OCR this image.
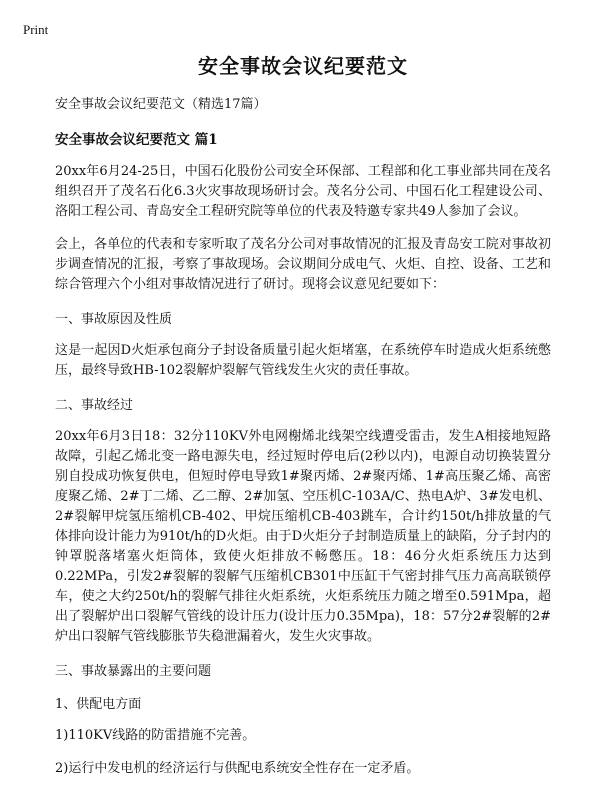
Print
安全事故会议纪要范文
安全事故会议纪要范文（精选17篇）
安全事故会议纪要范文 篇1
20xx年6月24-25日，中国石化股份公司安全环保部、工程部和化工事业部共同在茂名组织召开了茂名石化6.3火灾事故现场研讨会。茂名分公司、中国石化工程建设公司、洛阳工程公司、青岛安全工程研究院等单位的代表及特邀专家共49人参加了会议。
会上，各单位的代表和专家听取了茂名分公司对事故情况的汇报及青岛安工院对事故初步调查情况的汇报，考察了事故现场。会议期间分成电气、火炬、自控、设备、工艺和综合管理六个小组对事故情况进行了研讨。现将会议意见纪要如下：
一、事故原因及性质
这是一起因D火炬承包商分子封设备质量引起火炬堵塞，在系统停车时造成火炬系统憋压，最终导致HB-102裂解炉裂解气管线发生火灾的责任事故。
二、事故经过
20xx年6月3日18：32分110KV外电网榭烯北线架空线遭受雷击，发生A相接地短路故障，引起乙烯北变一路电源失电，经过短时停电后(2秒以内)，电源自动切换装置分别自投成功恢复供电，但短时停电导致1#聚丙烯、2#聚丙烯、1#高压聚乙烯、高密度聚乙烯、2#丁二烯、乙二醇、2#加氢、空压机C-103A/C、热电A炉、3#发电机、2#裂解甲烷氢压缩机CB-402、甲烷压缩机CB-403跳车，合计约150t/h排放量的气体排向设计能力为910t/h的D火炬。由于D火炬分子封制造质量上的缺陷，分子封内的钟罩脱落堵塞火炬筒体，致使火炬排放不畅憋压。18：46分火炬系统压力达到0.22MPa，引发2#裂解的裂解气压缩机CB301中压缸干气密封排气压力高高联锁停车，使之大约250t/h的裂解气排往火炬系统，火炬系统压力随之增至0.591Mpa，超出了裂解炉出口裂解气管线的设计压力(设计压力0.35Mpa)，18：57分2#裂解的2#炉出口裂解气管线膨胀节失稳泄漏着火，发生火灾事故。
三、事故暴露出的主要问题
1、供配电方面
1)110KV线路的防雷措施不完善。
2)运行中发电机的经济运行与供配电系统安全性存在一定矛盾。
